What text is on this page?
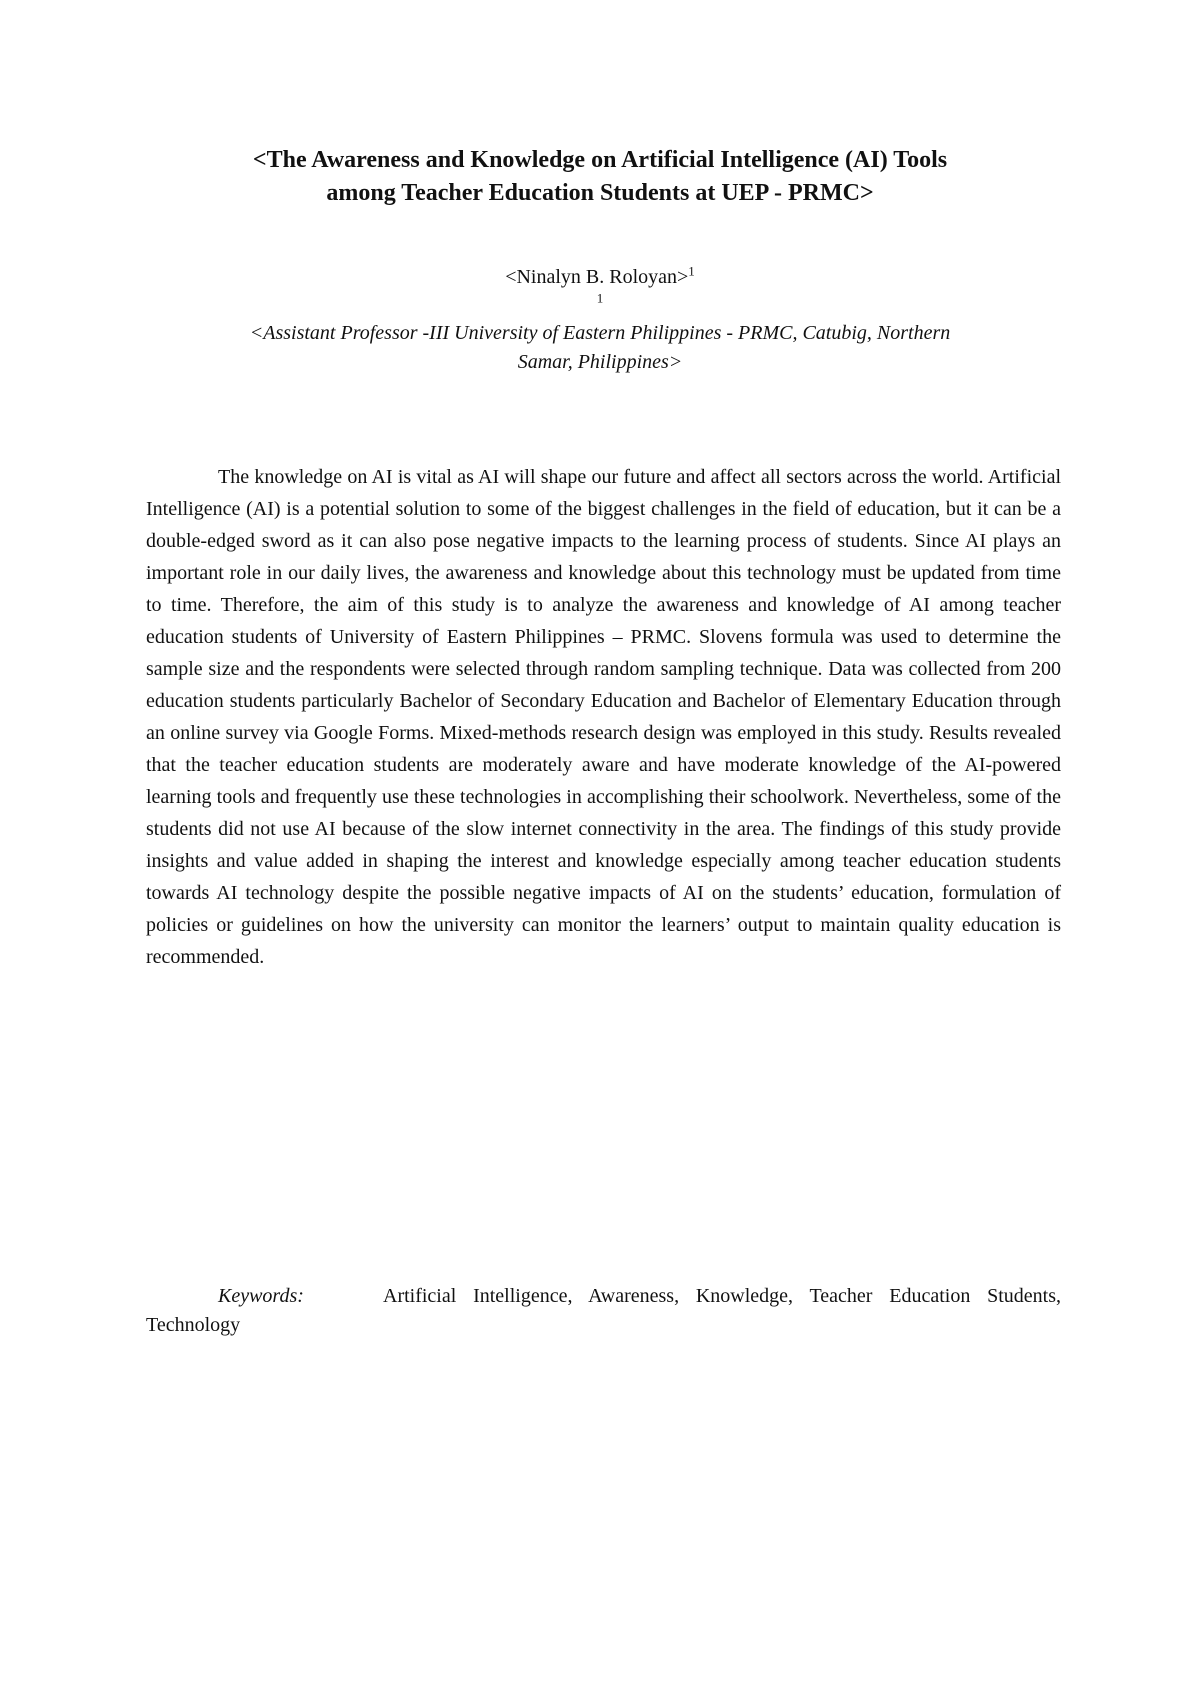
<The Awareness and Knowledge on Artificial Intelligence (AI) Tools
among Teacher Education Students at UEP - PRMC>

<Ninalyn B. Roloyan>$^1$

$^1$
<Assistant Professor -III University of Eastern Philippines - PRMC, Catubig, Northern
Samar, Philippines>

The knowledge on AI is vital as AI will shape our future and affect all sectors across the world. Artificial Intelligence (AI) is a potential solution to some of the biggest challenges in the field of education, but it can be a double-edged sword as it can also pose negative impacts to the learning process of students. Since AI plays an important role in our daily lives, the awareness and knowledge about this technology must be updated from time to time. Therefore, the aim of this study is to analyze the awareness and knowledge of AI among teacher education students of University of Eastern Philippines – PRMC. Slovens formula was used to determine the sample size and the respondents were selected through random sampling technique. Data was collected from 200 education students particularly Bachelor of Secondary Education and Bachelor of Elementary Education through an online survey via Google Forms. Mixed-methods research design was employed in this study. Results revealed that the teacher education students are moderately aware and have moderate knowledge of the AI-powered learning tools and frequently use these technologies in accomplishing their schoolwork. Nevertheless, some of the students did not use AI because of the slow internet connectivity in the area. The findings of this study provide insights and value added in shaping the interest and knowledge especially among teacher education students towards AI technology despite the possible negative impacts of AI on the students’ education, formulation of policies or guidelines on how the university can monitor the learners’ output to maintain quality education is recommended.

Keywords:	Artificial Intelligence, Awareness, Knowledge, Teacher Education Students, Technology
